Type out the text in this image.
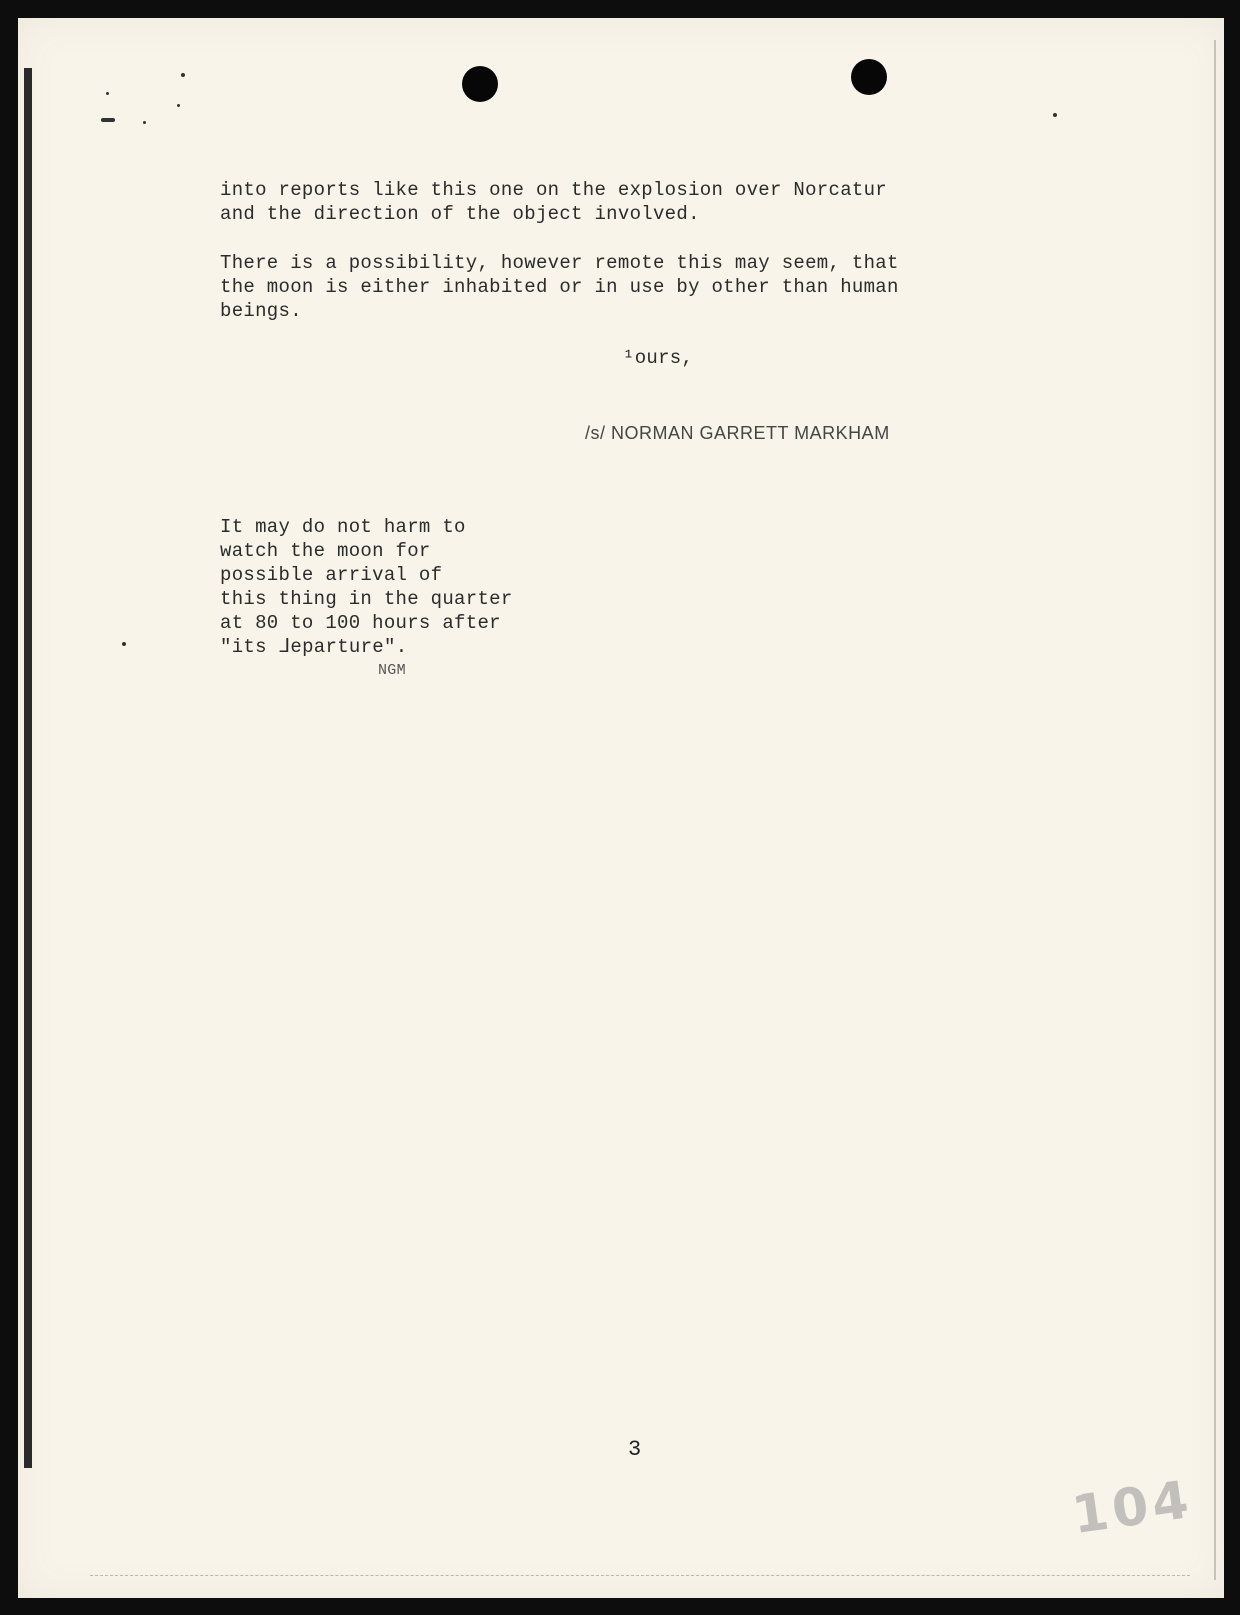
into reports like this one on the explosion over Norcatur
and the direction of the object involved.
There is a possibility, however remote this may seem, that
the moon is either inhabited or in use by other than human
beings.
¹ours,
/s/ NORMAN GARRETT MARKHAM
It may do not harm to
watch the moon for
possible arrival of
this thing in the quarter
at 80 to 100 hours after
"its ᒧeparture".
NGM
3
104
